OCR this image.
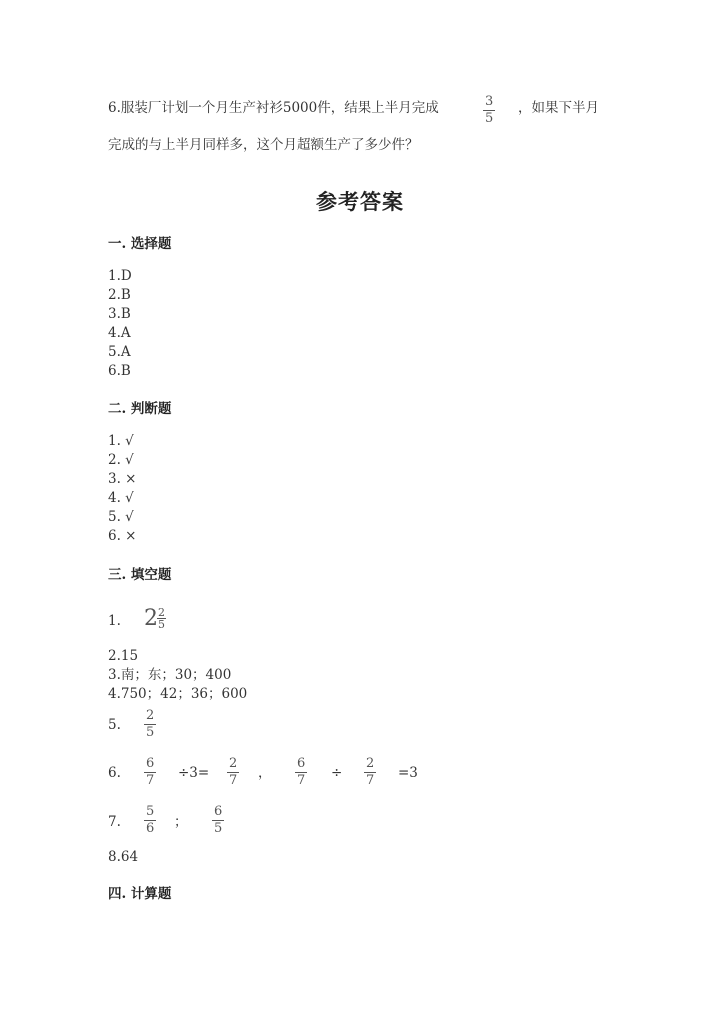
6.服装厂计划一个月生产衬衫5000件，结果上半月完成	$\frac{3}{5}$ ，如果下半月
完成的与上半月同样多，这个月超额生产了多少件？
参考答案
一. 选择题
1.D
2.B
3.B
4.A
5.A
6.B
二. 判断题
1. √
2. √
3. ×
4. √
5. √
6. ×
三. 填空题
1. $2 \frac{2}{5}$
2.15
3.南；东；30；400
4.750；42；36；600
5. $\frac{2}{5}$
6. $\frac{6}{7} \div 3= \frac{2}{7}$ ， $\frac{6}{7} \div \frac{2}{7} =3$
7. $\frac{5}{6}$ ； $\frac{6}{5}$
8.64
四. 计算题
